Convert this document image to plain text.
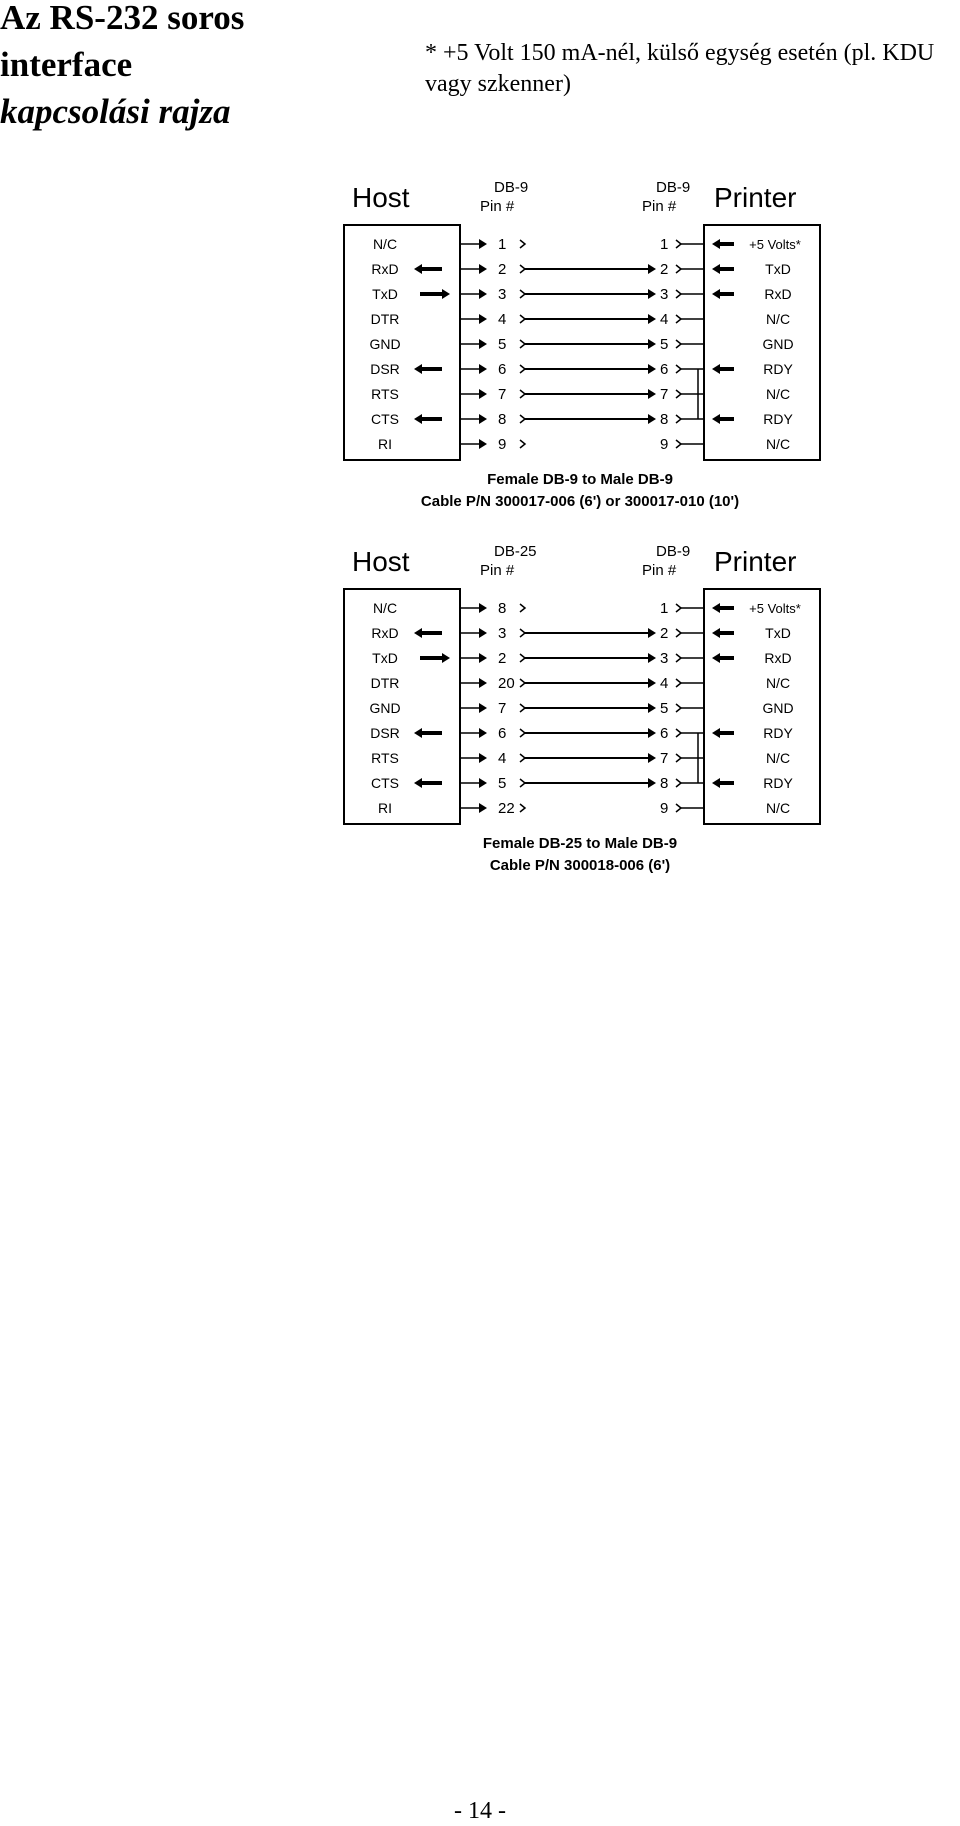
Az RS-232 soros
interface
kapcsolási rajza

* +5 Volt 150 mA-nél, külső egység esetén (pl. KDU vagy szkenner)

Host	Printer
DB-9	DB-9
Pin #	Pin #
N/C	1	1	+5 Volts*
RxD	2	2	TxD
TxD	3	3	RxD
DTR	4	4	N/C
GND	5	5	GND
DSR	6	6	RDY
RTS	7	7	N/C
CTS	8	8	RDY
RI	9	9	N/C
Female DB-9 to Male DB-9
Cable P/N 300017-006 (6') or 300017-010 (10')
Host	Printer
DB-25	DB-9
Pin #	Pin #
N/C	8	1	+5 Volts*
RxD	3	2	TxD
TxD	2	3	RxD
DTR	20	4	N/C
GND	7	5	GND
DSR	6	6	RDY
RTS	4	7	N/C
CTS	5	8	RDY
RI	22	9	N/C
Female DB-25 to Male DB-9
Cable P/N 300018-006 (6')
- 14 -
